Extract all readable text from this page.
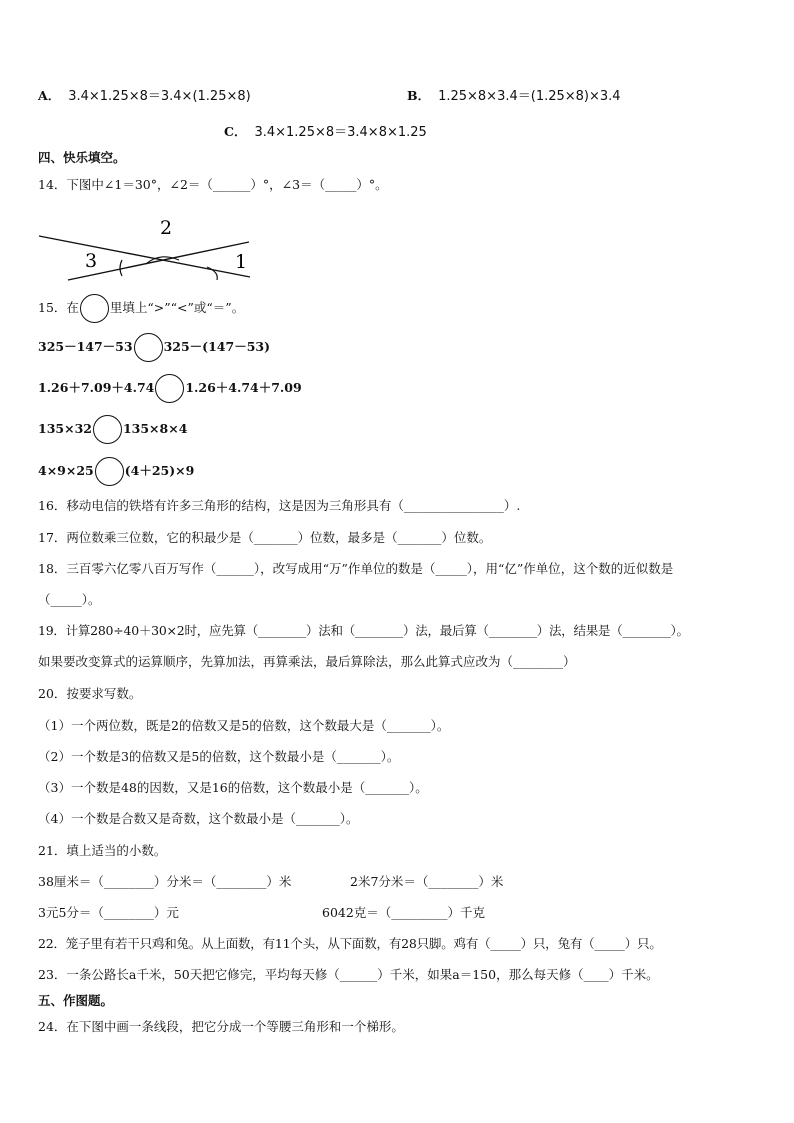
A． 3.4×1.25×8＝3.4×(1.25×8)	B． 1.25×8×3.4＝(1.25×8)×3.4
C． 3.4×1.25×8＝3.4×8×1.25
四、快乐填空。
14．下图中∠1＝30°，∠2＝（______）°，∠3＝（_____）°。
2
3	1
15．在 里填上“>”“<”或“＝”。
325－147－53 325－(147－53)
1.26＋7.09＋4.74 1.26＋4.74＋7.09
135×32 135×8×4
4×9×25 (4＋25)×9
16．移动电信的铁塔有许多三角形的结构，这是因为三角形具有（________________）.
17．两位数乘三位数，它的积最少是（_______）位数，最多是（_______）位数。
18．三百零六亿零八百万写作（______），改写成用“万”作单位的数是（_____），用“亿”作单位，这个数的近似数是
（_____）。
19．计算280÷40＋30×2时，应先算（________）法和（________）法，最后算（________）法，结果是（________）。
如果要改变算式的运算顺序，先算加法，再算乘法，最后算除法，那么此算式应改为（________）
20．按要求写数。
（1）一个两位数，既是2的倍数又是5的倍数，这个数最大是（_______）。
（2）一个数是3的倍数又是5的倍数，这个数最小是（_______）。
（3）一个数是48的因数，又是16的倍数，这个数最小是（_______）。
（4）一个数是合数又是奇数，这个数最小是（_______）。
21．填上适当的小数。
38厘米＝（________）分米＝（________）米	2米7分米＝（________）米
3元5分＝（________）元	6042克＝（_________）千克
22．笼子里有若干只鸡和兔。从上面数，有11个头，从下面数，有28只脚。鸡有（_____）只，兔有（_____）只。
23．一条公路长a千米，50天把它修完，平均每天修（______）千米，如果a＝150，那么每天修（____）千米。
五、作图题。
24．在下图中画一条线段，把它分成一个等腰三角形和一个梯形。
